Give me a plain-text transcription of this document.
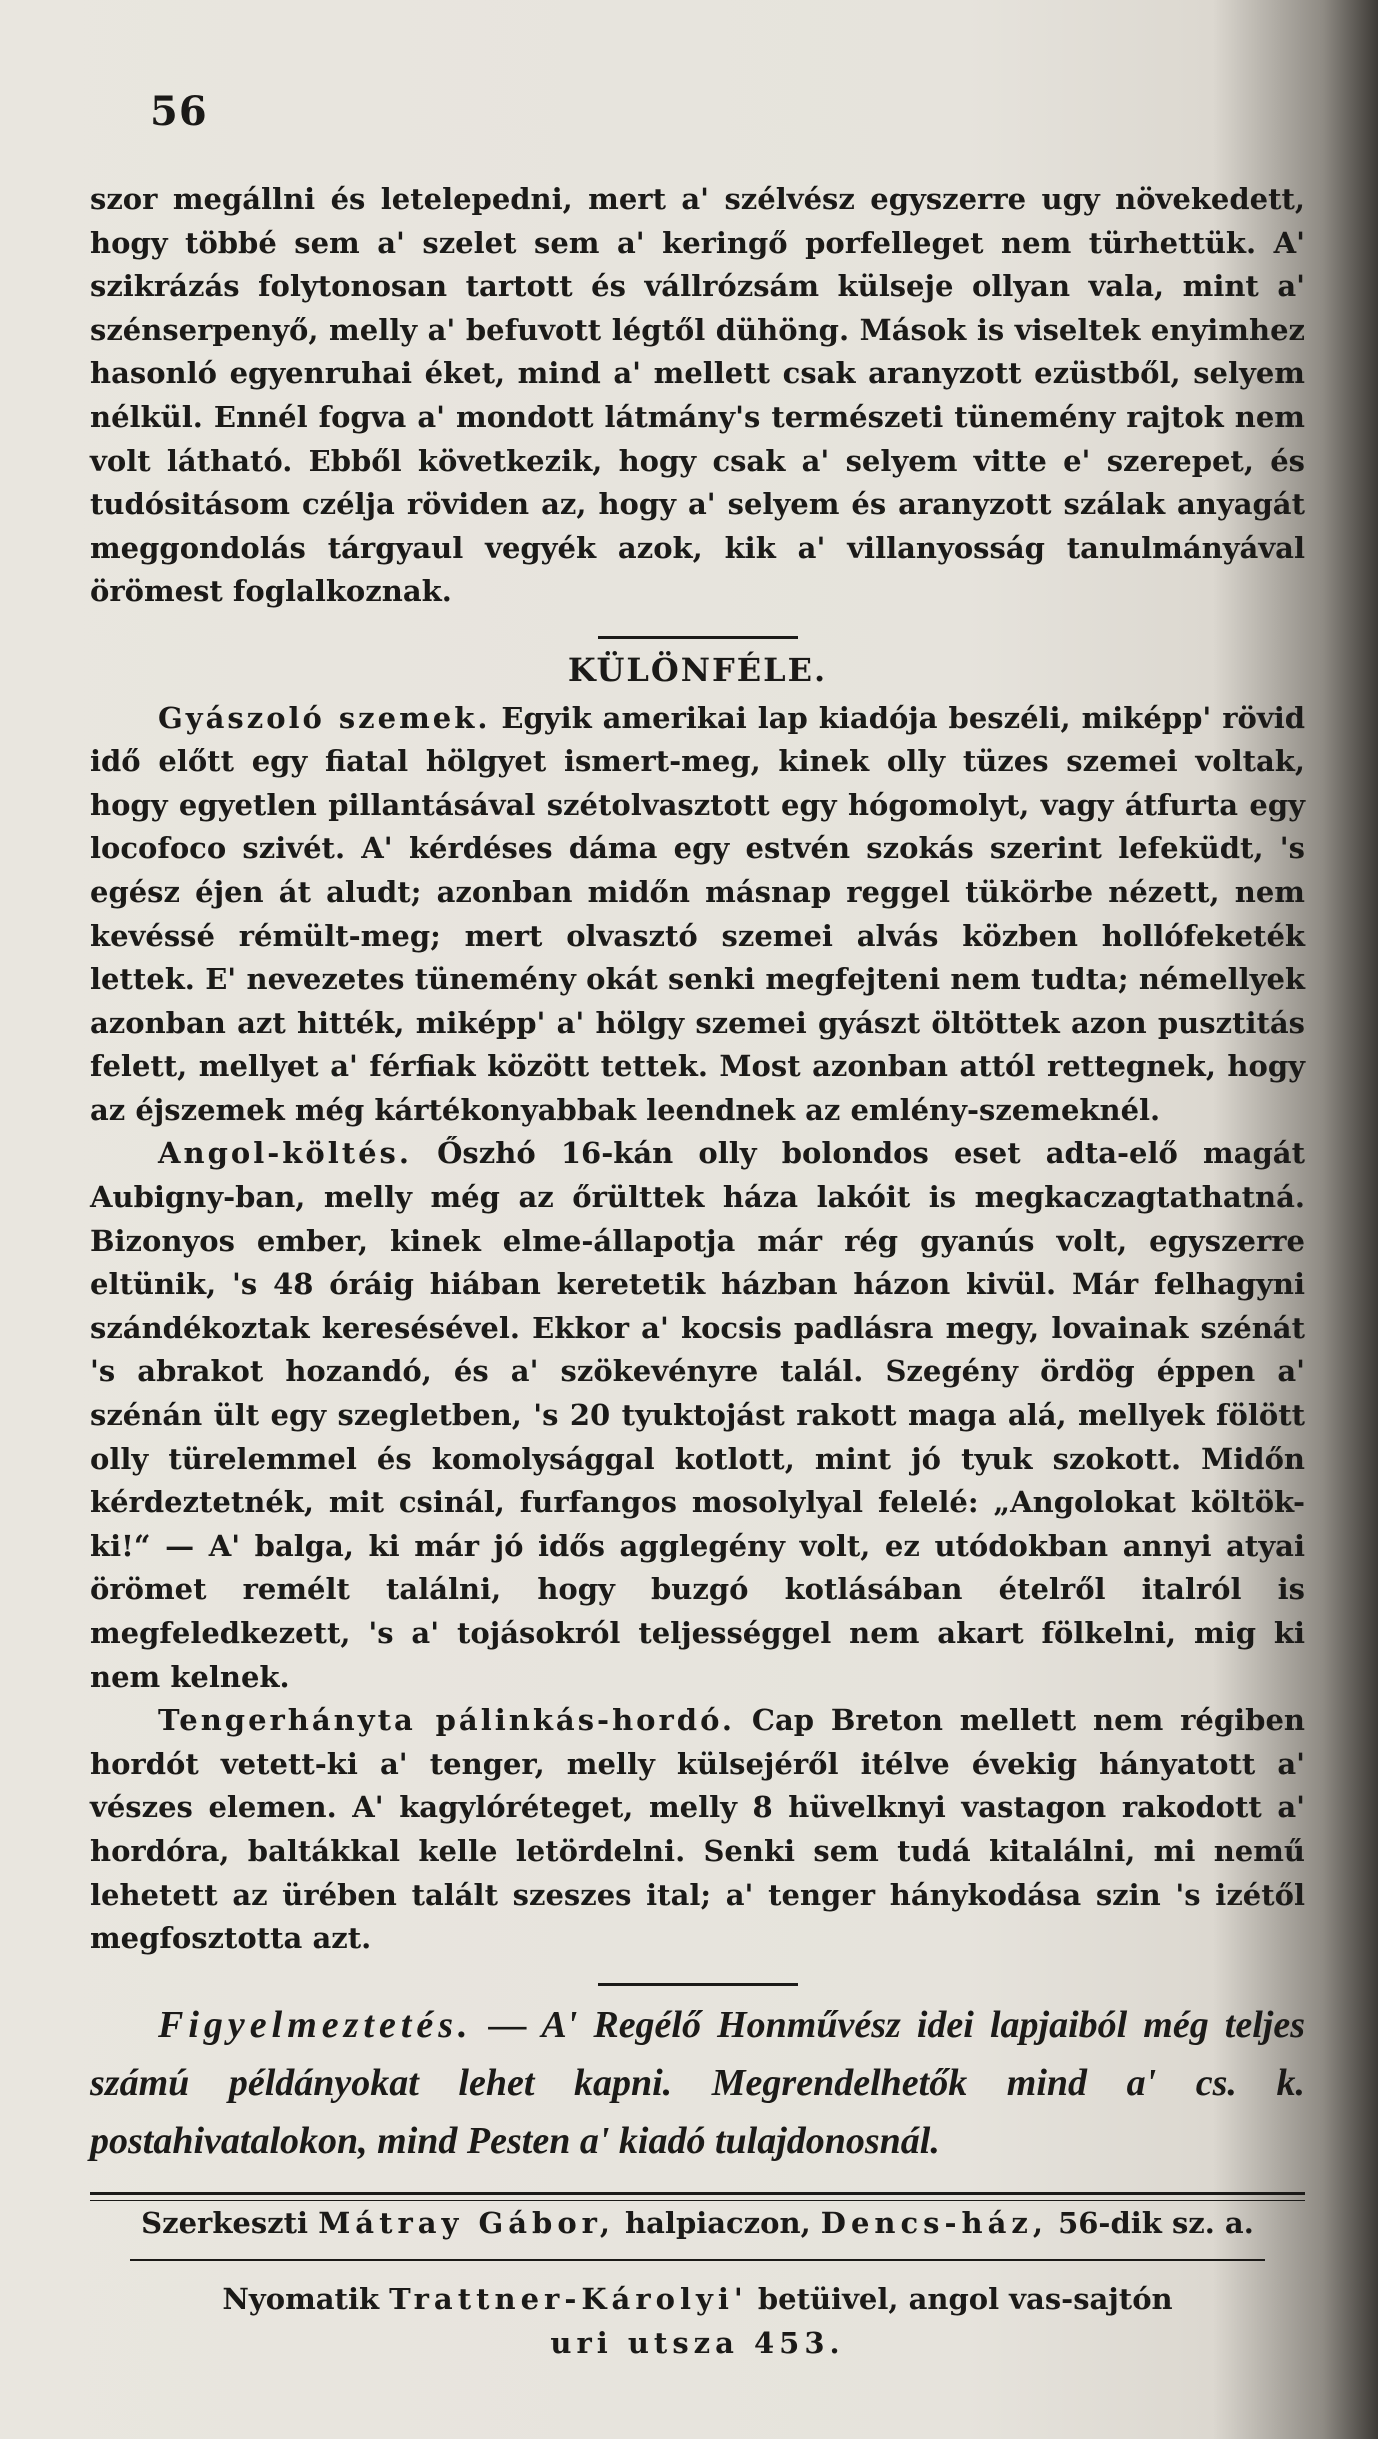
56

szor megállni és letelepedni, mert a' szélvész egyszerre ugy növekedett, hogy többé sem a' szelet sem a' keringő porfelleget nem türhettük. A' szikrázás folytonosan tartott és vállrózsám külseje ollyan vala, mint a' szénserpenyő, melly a' befuvott légtől dühöng. Mások is viseltek enyimhez hasonló egyenruhai éket, mind a' mellett csak aranyzott ezüstből, selyem nélkül. Ennél fogva a' mondott látmány's természeti tünemény rajtok nem volt látható. Ebből következik, hogy csak a' selyem vitte e' szerepet, és tudósitásom czélja röviden az, hogy a' selyem és aranyzott szálak anyagát meggondolás tárgyaul vegyék azok, kik a' villanyosság tanulmányával örömest foglalkoznak.

KÜLÖNFÉLE.

Gyászoló szemek. Egyik amerikai lap kiadója beszéli, miképp' rövid idő előtt egy fiatal hölgyet ismert-meg, kinek olly tüzes szemei voltak, hogy egyetlen pillantásával szétolvasztott egy hógomolyt, vagy átfurta egy locofoco szivét. A' kérdéses dáma egy estvén szokás szerint lefeküdt, 's egész éjen át aludt; azonban midőn másnap reggel tükörbe nézett, nem kevéssé rémült-meg; mert olvasztó szemei alvás közben hollófeketék lettek. E' nevezetes tünemény okát senki megfejteni nem tudta; némellyek azonban azt hitték, miképp' a' hölgy szemei gyászt öltöttek azon pusztitás felett, mellyet a' férfiak között tettek. Most azonban attól rettegnek, hogy az éjszemek még kártékonyabbak leendnek az emlény-szemeknél.

Angol-költés. Őszhó 16-kán olly bolondos eset adta-elő magát Aubigny-ban, melly még az őrülttek háza lakóit is megkaczagtathatná. Bizonyos ember, kinek elme-állapotja már rég gyanús volt, egyszerre eltünik, 's 48 óráig hiában keretetik házban házon kivül. Már felhagyni szándékoztak keresésével. Ekkor a' kocsis padlásra megy, lovainak szénát 's abrakot hozandó, és a' szökevényre talál. Szegény ördög éppen a' szénán ült egy szegletben, 's 20 tyuktojást rakott maga alá, mellyek fölött olly türelemmel és komolysággal kotlott, mint jó tyuk szokott. Midőn kérdeztetnék, mit csinál, furfangos mosolylyal felelé: „Angolokat költök-ki!“ — A' balga, ki már jó idős agglegény volt, ez utódokban annyi atyai örömet remélt találni, hogy buzgó kotlásában ételről italról is megfeledkezett, 's a' tojásokról teljességgel nem akart fölkelni, mig ki nem kelnek.

Tengerhányta pálinkás-hordó. Cap Breton mellett nem régiben hordót vetett-ki a' tenger, melly külsejéről itélve évekig hányatott a' vészes elemen. A' kagylóréteget, melly 8 hüvelknyi vastagon rakodott a' hordóra, baltákkal kelle letördelni. Senki sem tudá kitalálni, mi nemű lehetett az ürében talált szeszes ital; a' tenger hánykodása szin 's izétől megfosztotta azt.

Figyelmeztetés. — A' Regélő Honművész idei lapjaiból még teljes számú példányokat lehet kapni. Megrendelhetők mind a' cs. k. postahivatalokon, mind Pesten a' kiadó tulajdonosnál.

Szerkeszti Mátray Gábor, halpiaczon, Dencs-ház, 56-dik sz. a.
Nyomatik Trattner-Károlyi' betüivel, angol vas-sajtón
uri utsza 453.
